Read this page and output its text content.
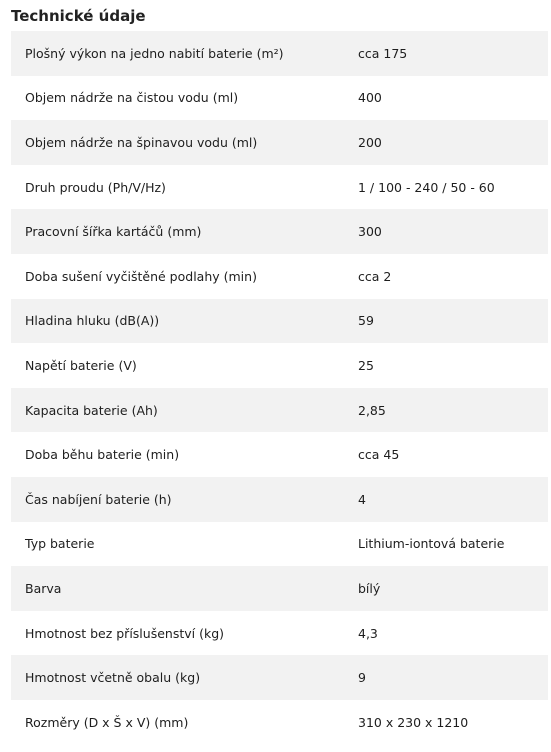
Technické údaje
Plošný výkon na jedno nabití baterie (m²)	cca 175
Objem nádrže na čistou vodu (ml)	400
Objem nádrže na špinavou vodu (ml)	200
Druh proudu (Ph/V/Hz)	1 / 100 - 240 / 50 - 60
Pracovní šířka kartáčů (mm)	300
Doba sušení vyčištěné podlahy (min)	cca 2
Hladina hluku (dB(A))	59
Napětí baterie (V)	25
Kapacita baterie (Ah)	2,85
Doba běhu baterie (min)	cca 45
Čas nabíjení baterie (h)	4
Typ baterie	Lithium-iontová baterie
Barva	bílý
Hmotnost bez příslušenství (kg)	4,3
Hmotnost včetně obalu (kg)	9
Rozměry (D x Š x V) (mm)	310 x 230 x 1210
